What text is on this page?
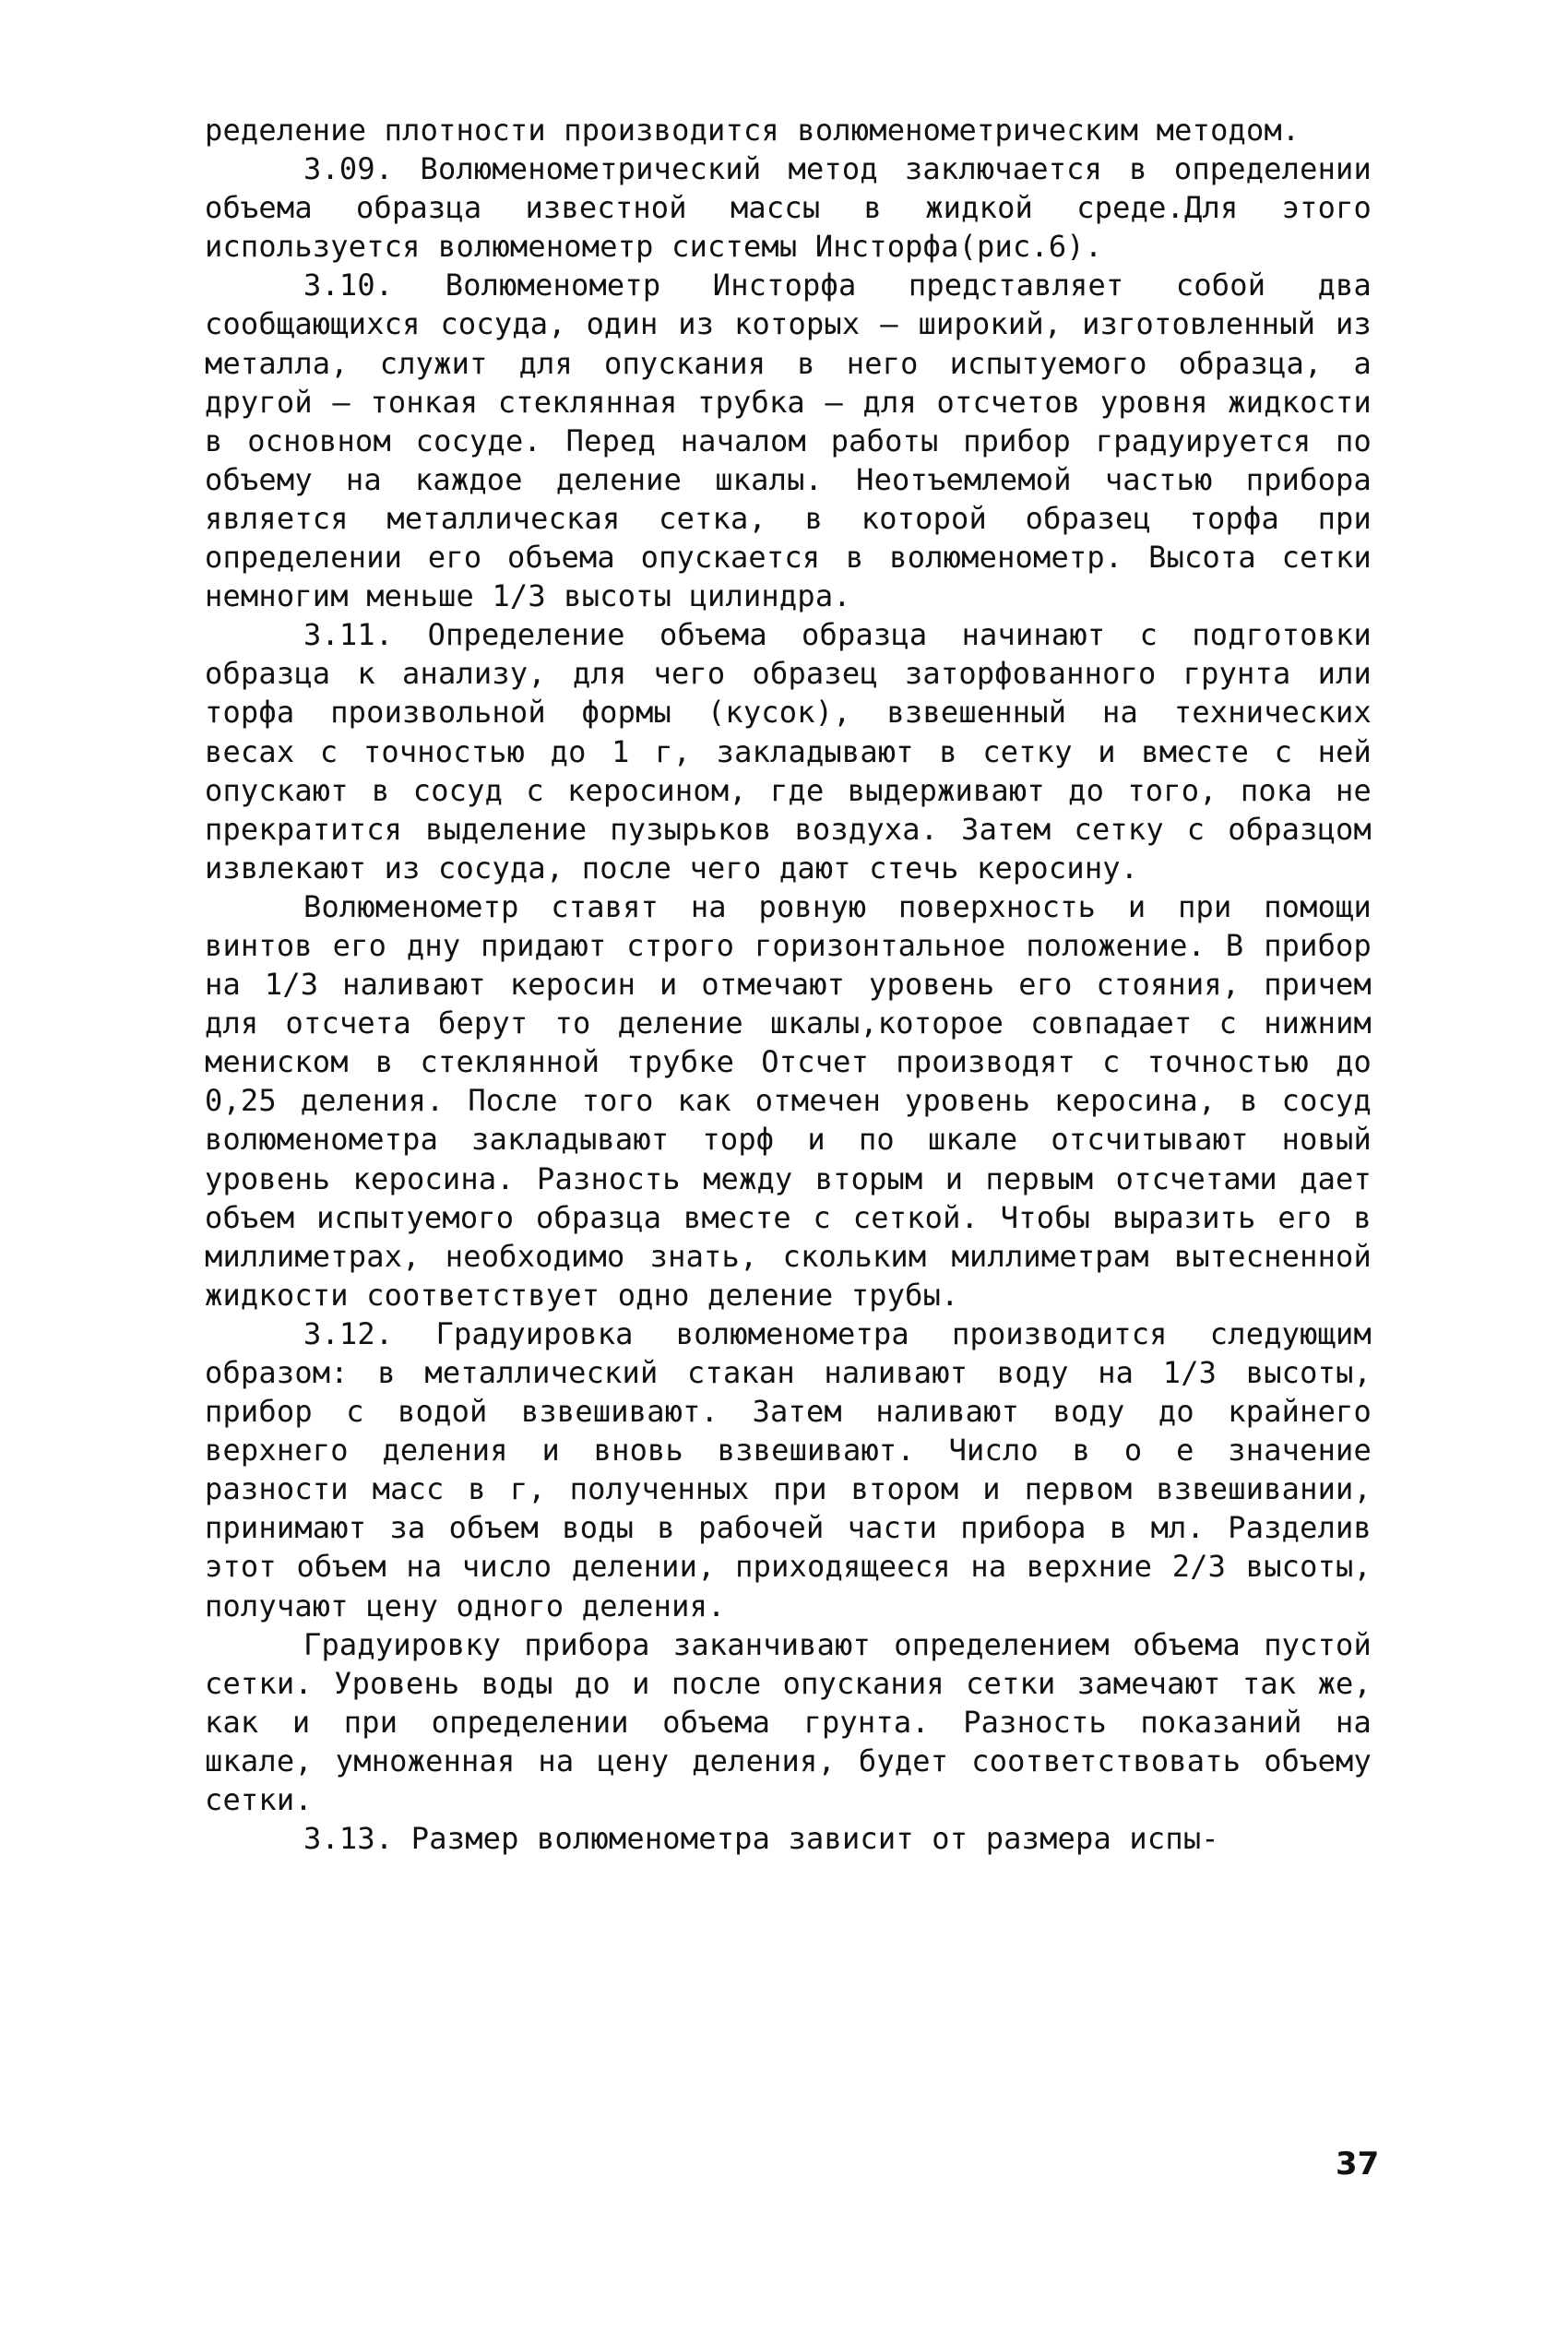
ределение плотности производится волюменометрическим методом.

3.09. Волюменометрический метод заключается в определении объема образца известной массы в жидкой среде.Для этого используется волюменометр системы Инсторфа(рис.6).

3.10. Волюменометр Инсторфа представляет собой два сообщающихся сосуда, один из которых – широкий, изготовленный из металла, служит для опускания в него испытуемого образца, а другой – тонкая стеклянная трубка – для отсчетов уровня жидкости в основном сосуде. Перед началом работы прибор градуируется по объему на каждое деление шкалы. Неотъемлемой частью прибора является металлическая сетка, в которой образец торфа при определении его объема опускается в волюменометр. Высота сетки немногим меньше 1/3 высоты цилиндра.

3.11. Определение объема образца начинают с подготовки образца к анализу, для чего образец заторфованного грунта или торфа произвольной формы (кусок), взвешенный на технических весах с точностью до 1 г, закладывают в сетку и вместе с ней опускают в сосуд с керосином, где выдерживают до того, пока не прекратится выделение пузырьков воздуха. Затем сетку с образцом извлекают из сосуда, после чего дают стечь керосину.

Волюменометр ставят на ровную поверхность и при помощи винтов его дну придают строго горизонтальное положение. В прибор на 1/3 наливают керосин и отмечают уровень его стояния, причем для отсчета берут то деление шкалы,которое совпадает с нижним мениском в стеклянной трубке Отсчет производят с точностью до 0,25 деления. После того как отмечен уровень керосина, в сосуд волюменометра закладывают торф и по шкале отсчитывают новый уровень керосина. Разность между вторым и первым отсчетами дает объем испытуемого образца вместе с сеткой. Чтобы выразить его в миллиметрах, необходимо знать, скольким миллиметрам вытесненной жидкости соответствует одно деление трубы.

3.12. Градуировка волюменометра производится следующим образом: в металлический стакан наливают воду на 1/3 высоты, прибор с водой взвешивают. Затем наливают воду до крайнего верхнего деления и вновь взвешивают. Число в о е значение разности масс в г, полученных при втором и первом взвешивании, принимают за объем воды в рабочей части прибора в мл. Разделив этот объем на число делении, приходящееся на верхние 2/3 высоты, получают цену одного деления.

Градуировку прибора заканчивают определением объема пустой сетки. Уровень воды до и после опускания сетки замечают так же, как и при определении объема грунта. Разность показаний на шкале, умноженная на цену деления, будет соответствовать объему сетки.

3.13. Размер волюменометра зависит от размера испы-

37
